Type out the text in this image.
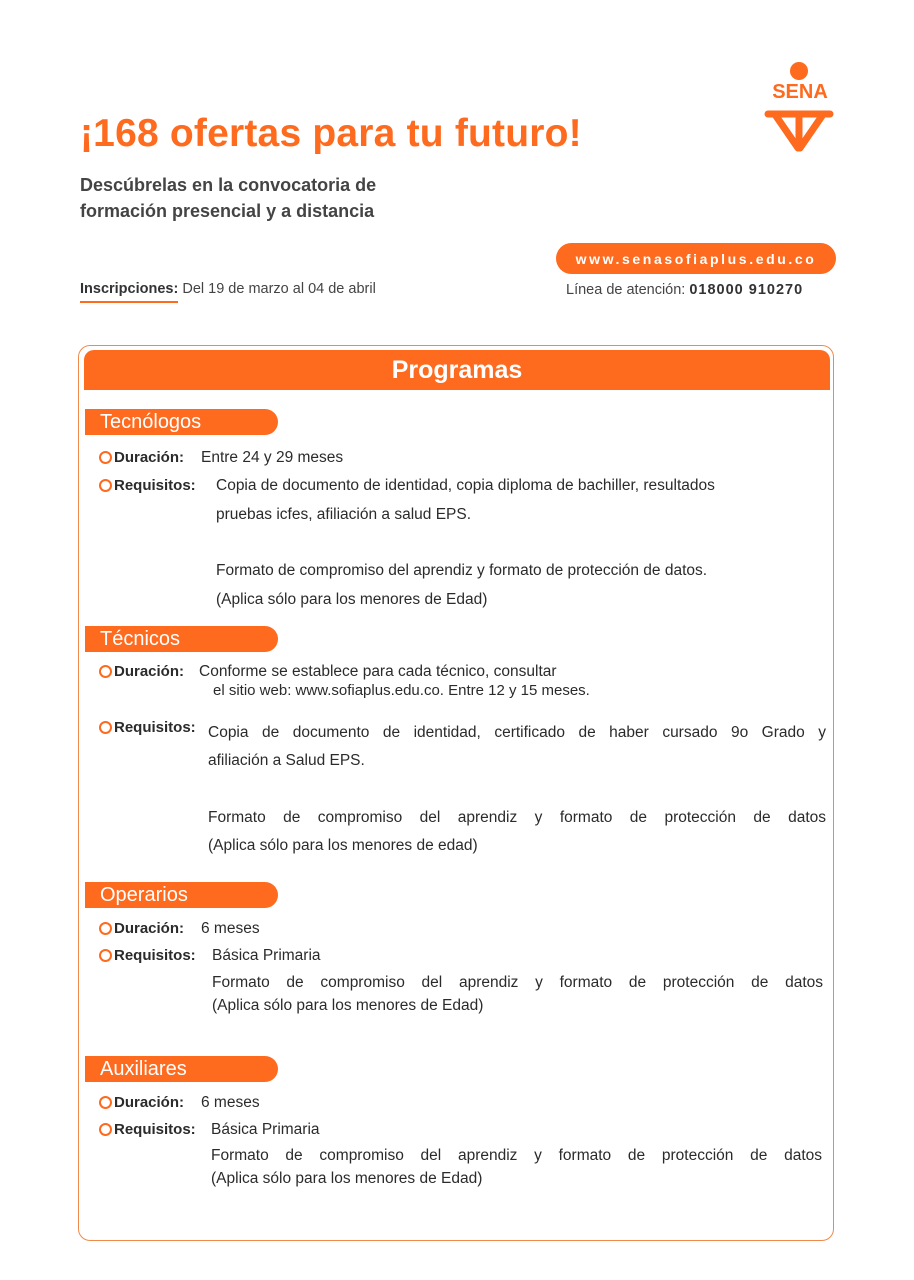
¡168 ofertas para tu futuro!
Descúbrelas en la convocatoria de
formación presencial y a distancia
SENA
www.senasofiaplus.edu.co
Inscripciones: Del 19 de marzo al 04 de abril	Línea de atención: 018000 910270
Programas
Tecnólogos
Duración: Entre 24 y 29 meses
Requisitos: Copia de documento de identidad, copia diploma de bachiller, resultados
pruebas icfes, afiliación a salud EPS.
Formato de compromiso del aprendiz y formato de protección de datos.
(Aplica sólo para los menores de Edad)
Técnicos
Duración: Conforme se establece para cada técnico, consultar
el sitio web: www.sofiaplus.edu.co. Entre 12 y 15 meses.
Requisitos: Copia de documento de identidad, certificado de haber cursado 9o Grado y
afiliación a Salud EPS.
Formato de compromiso del aprendiz y formato de protección de datos
(Aplica sólo para los menores de edad)
Operarios
Duración: 6 meses
Requisitos: Básica Primaria
Formato de compromiso del aprendiz y formato de protección de datos
(Aplica sólo para los menores de Edad)
Auxiliares
Duración: 6 meses
Requisitos: Básica Primaria
Formato de compromiso del aprendiz y formato de protección de datos
(Aplica sólo para los menores de Edad)
